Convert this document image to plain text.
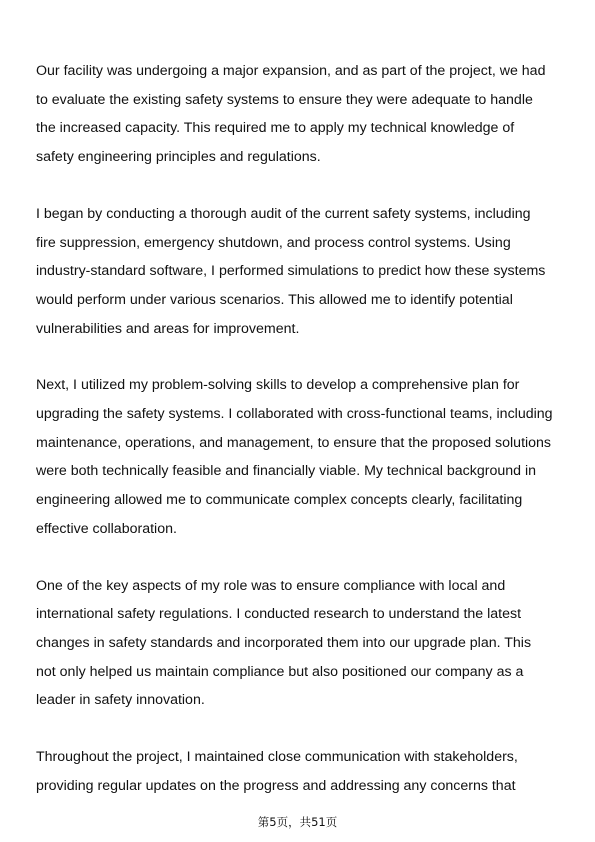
Our facility was undergoing a major expansion, and as part of the project, we had
to evaluate the existing safety systems to ensure they were adequate to handle
the increased capacity. This required me to apply my technical knowledge of
safety engineering principles and regulations.

I began by conducting a thorough audit of the current safety systems, including
fire suppression, emergency shutdown, and process control systems. Using
industry-standard software, I performed simulations to predict how these systems
would perform under various scenarios. This allowed me to identify potential
vulnerabilities and areas for improvement.

Next, I utilized my problem-solving skills to develop a comprehensive plan for
upgrading the safety systems. I collaborated with cross-functional teams, including
maintenance, operations, and management, to ensure that the proposed solutions
were both technically feasible and financially viable. My technical background in
engineering allowed me to communicate complex concepts clearly, facilitating
effective collaboration.

One of the key aspects of my role was to ensure compliance with local and
international safety regulations. I conducted research to understand the latest
changes in safety standards and incorporated them into our upgrade plan. This
not only helped us maintain compliance but also positioned our company as a
leader in safety innovation.

Throughout the project, I maintained close communication with stakeholders,
providing regular updates on the progress and addressing any concerns that

第5页，共51页
